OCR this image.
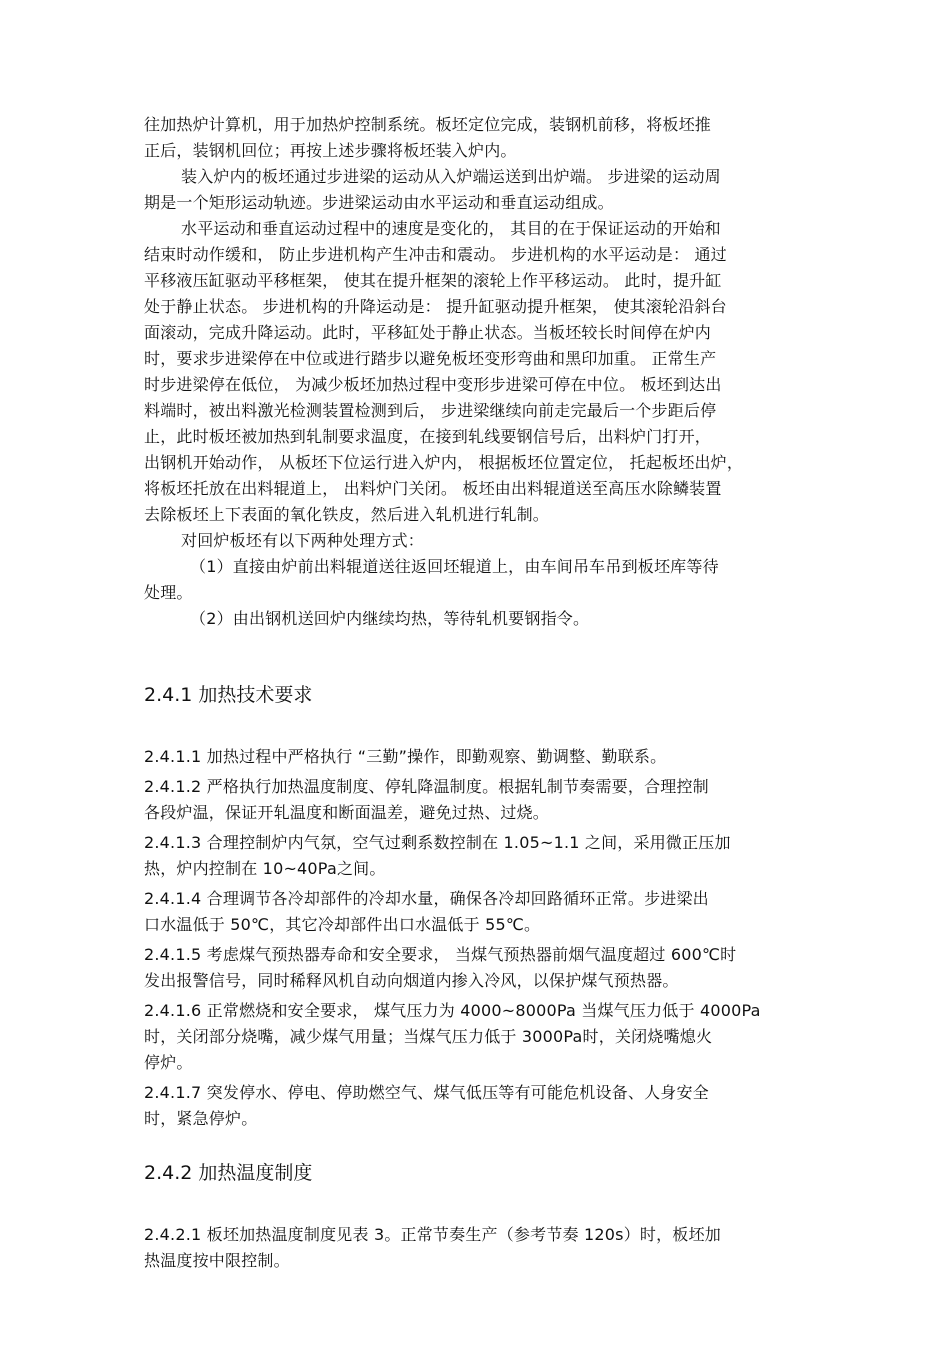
往加热炉计算机，用于加热炉控制系统。板坯定位完成，装钢机前移，将板坯推
正后，装钢机回位；再按上述步骤将板坯装入炉内。
装入炉内的板坯通过步进梁的运动从入炉端运送到出炉端。 步进梁的运动周
期是一个矩形运动轨迹。步进梁运动由水平运动和垂直运动组成。
水平运动和垂直运动过程中的速度是变化的， 其目的在于保证运动的开始和
结束时动作缓和， 防止步进机构产生冲击和震动。 步进机构的水平运动是： 通过
平移液压缸驱动平移框架， 使其在提升框架的滚轮上作平移运动。 此时，提升缸
处于静止状态。 步进机构的升降运动是： 提升缸驱动提升框架， 使其滚轮沿斜台
面滚动，完成升降运动。此时，平移缸处于静止状态。当板坯较长时间停在炉内
时，要求步进梁停在中位或进行踏步以避免板坯变形弯曲和黑印加重。 正常生产
时步进梁停在低位， 为减少板坯加热过程中变形步进梁可停在中位。 板坯到达出
料端时，被出料激光检测装置检测到后， 步进梁继续向前走完最后一个步距后停
止，此时板坯被加热到轧制要求温度，在接到轧线要钢信号后，出料炉门打开，
出钢机开始动作， 从板坯下位运行进入炉内， 根据板坯位置定位， 托起板坯出炉，
将板坯托放在出料辊道上， 出料炉门关闭。 板坯由出料辊道送至高压水除鳞装置
去除板坯上下表面的氧化铁皮，然后进入轧机进行轧制。
对回炉板坯有以下两种处理方式：
（1）直接由炉前出料辊道送往返回坯辊道上，由车间吊车吊到板坯库等待
处理。
（2）由出钢机送回炉内继续均热，等待轧机要钢指令。
2.4.1 加热技术要求
2.4.1.1 加热过程中严格执行 “三勤”操作，即勤观察、勤调整、勤联系。
2.4.1.2 严格执行加热温度制度、停轧降温制度。根据轧制节奏需要，合理控制
各段炉温，保证开轧温度和断面温差，避免过热、过烧。
2.4.1.3 合理控制炉内气氛，空气过剩系数控制在 1.05~1.1 之间，采用微正压加
热，炉内控制在 10~40Pa之间。
2.4.1.4 合理调节各冷却部件的冷却水量，确保各冷却回路循环正常。步进梁出
口水温低于 50℃，其它冷却部件出口水温低于 55℃。
2.4.1.5 考虑煤气预热器寿命和安全要求， 当煤气预热器前烟气温度超过 600℃时
发出报警信号，同时稀释风机自动向烟道内掺入冷风，以保护煤气预热器。
2.4.1.6 正常燃烧和安全要求， 煤气压力为 4000~8000Pa 当煤气压力低于 4000Pa
时，关闭部分烧嘴，减少煤气用量；当煤气压力低于 3000Pa时，关闭烧嘴熄火
停炉。
2.4.1.7 突发停水、停电、停助燃空气、煤气低压等有可能危机设备、人身安全
时，紧急停炉。
2.4.2 加热温度制度
2.4.2.1 板坯加热温度制度见表 3。正常节奏生产（参考节奏 120s）时，板坯加
热温度按中限控制。
